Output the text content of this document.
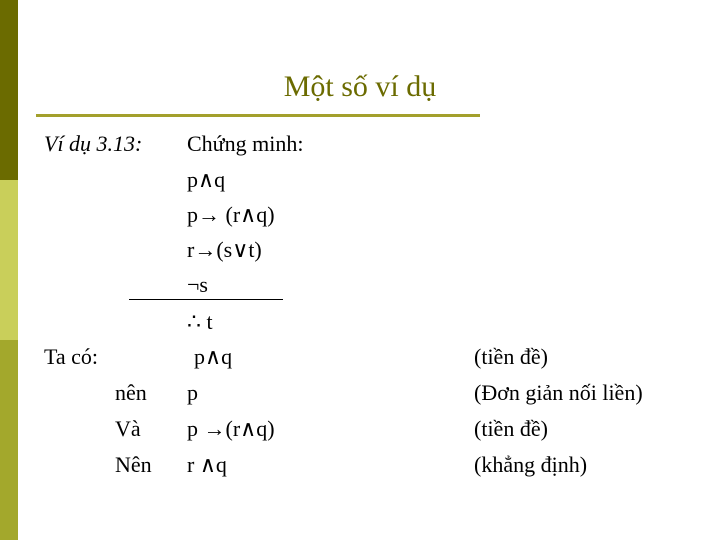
Một số ví dụ
Ví dụ 3.13: Chứng minh:
p∧q
p→ (r∧q)
r→(s∨t)
¬s
∴ t
Ta có:	p∧q	(tiền đề)
nên p	(Đơn giản nối liền)
Và p →(r∧q)	(tiền đề)
Nên r ∧q	(khẳng định)
